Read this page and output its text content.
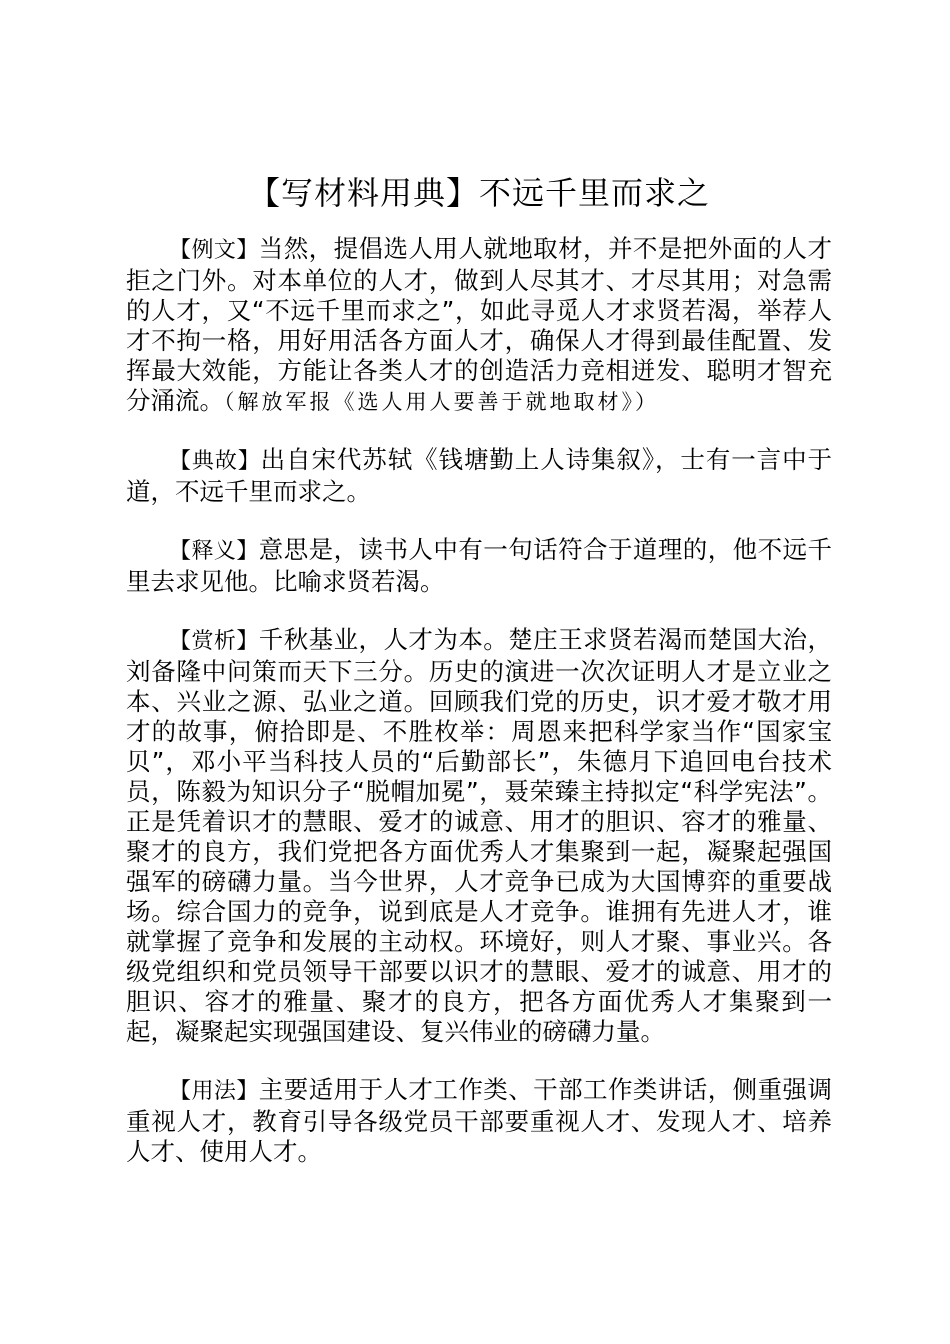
【写材料用典】不远千里而求之

【例文】当然，提倡选人用人就地取材，并不是把外面的人才拒之门外。对本单位的人才，做到人尽其才、才尽其用；对急需的人才，又“不远千里而求之”，如此寻觅人才求贤若渴，举荐人才不拘一格，用好用活各方面人才，确保人才得到最佳配置、发挥最大效能，方能让各类人才的创造活力竞相迸发、聪明才智充分涌流。（解放军报《选人用人要善于就地取材》）

【典故】出自宋代苏轼《钱塘勤上人诗集叙》，士有一言中于道，不远千里而求之。

【释义】意思是，读书人中有一句话符合于道理的，他不远千里去求见他。比喻求贤若渴。

【赏析】千秋基业，人才为本。楚庄王求贤若渴而楚国大治，刘备隆中问策而天下三分。历史的演进一次次证明人才是立业之本、兴业之源、弘业之道。回顾我们党的历史，识才爱才敬才用才的故事，俯拾即是、不胜枚举：周恩来把科学家当作“国家宝贝”，邓小平当科技人员的“后勤部长”，朱德月下追回电台技术员，陈毅为知识分子“脱帽加冕”，聂荣臻主持拟定“科学宪法”。正是凭着识才的慧眼、爱才的诚意、用才的胆识、容才的雅量、聚才的良方，我们党把各方面优秀人才集聚到一起，凝聚起强国强军的磅礴力量。当今世界，人才竞争已成为大国博弈的重要战场。综合国力的竞争，说到底是人才竞争。谁拥有先进人才，谁就掌握了竞争和发展的主动权。环境好，则人才聚、事业兴。各级党组织和党员领导干部要以识才的慧眼、爱才的诚意、用才的胆识、容才的雅量、聚才的良方，把各方面优秀人才集聚到一起，凝聚起实现强国建设、复兴伟业的磅礴力量。

【用法】主要适用于人才工作类、干部工作类讲话，侧重强调重视人才，教育引导各级党员干部要重视人才、发现人才、培养人才、使用人才。
